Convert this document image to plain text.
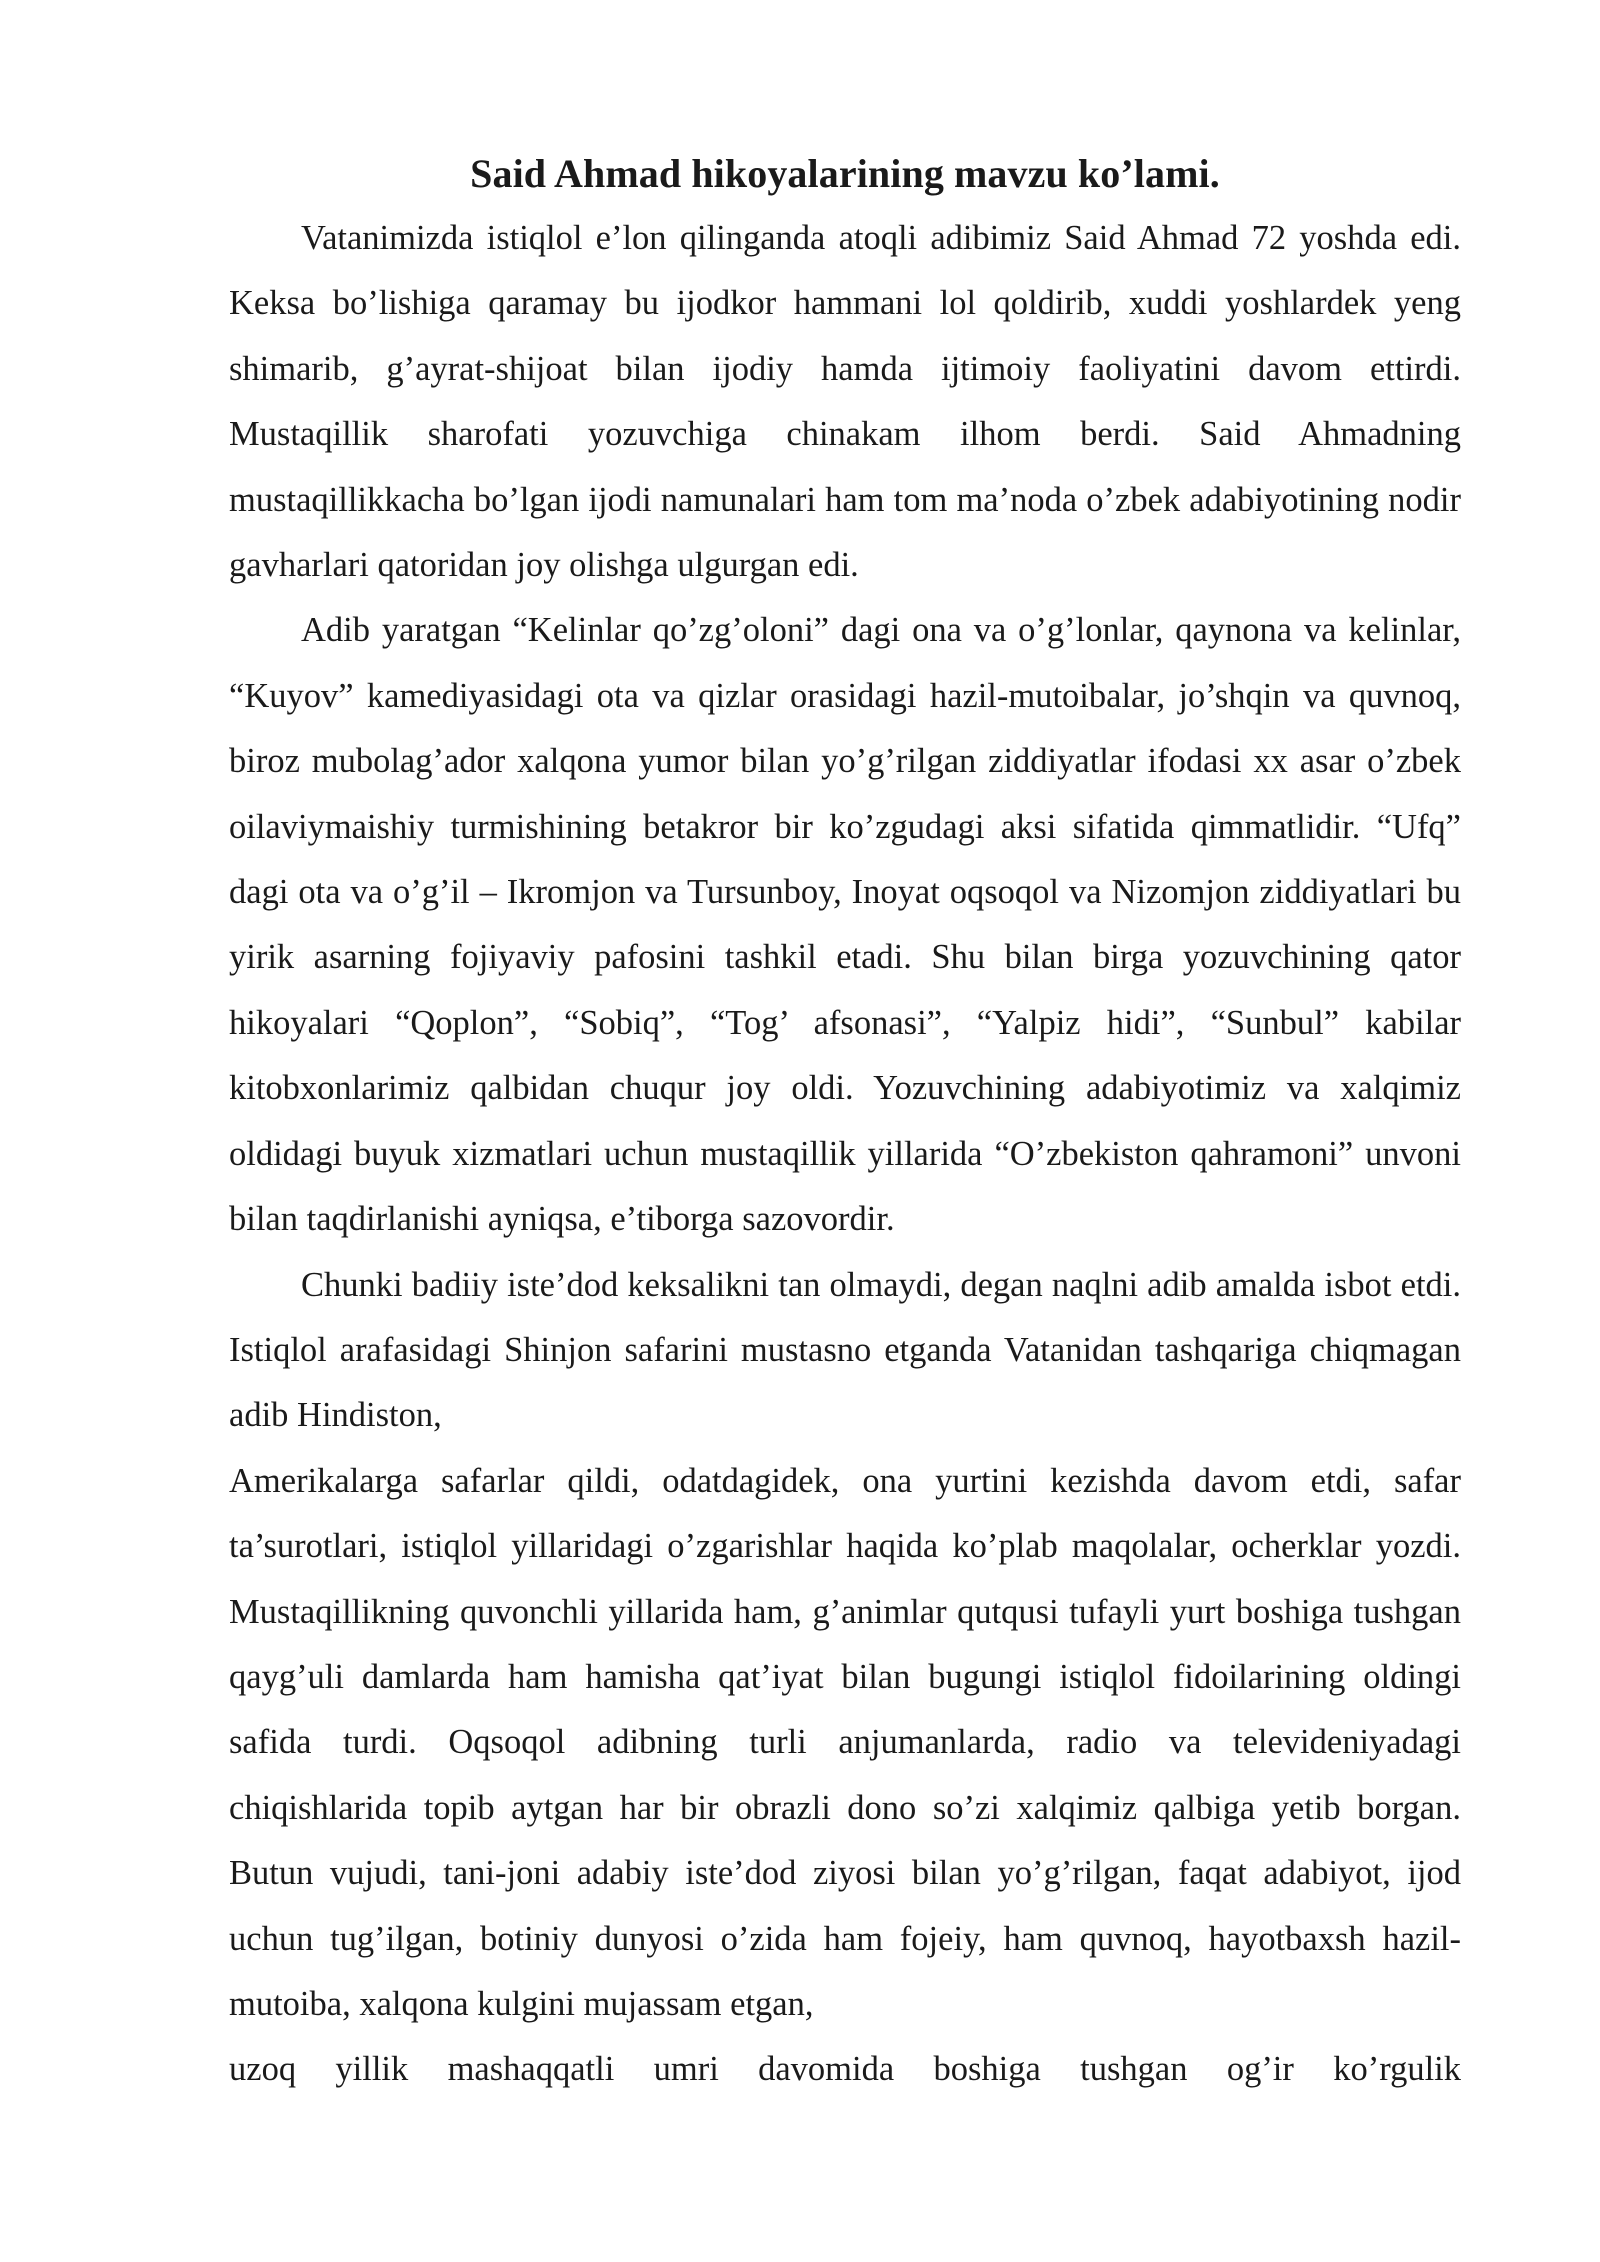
Said Ahmad hikoyalarining mavzu ko’lami.

Vatanimizda istiqlol e’lon qilinganda atoqli adibimiz Said Ahmad 72 yoshda edi. Keksa bo’lishiga qaramay bu ijodkor hammani lol qoldirib, xuddi yoshlardek yeng shimarib, g’ayrat-shijoat bilan ijodiy hamda ijtimoiy faoliyatini davom ettirdi. Mustaqillik sharofati yozuvchiga chinakam ilhom berdi. Said Ahmadning mustaqillikkacha bo’lgan ijodi namunalari ham tom ma’noda o’zbek adabiyotining nodir gavharlari qatoridan joy olishga ulgurgan edi.

Adib yaratgan “Kelinlar qo’zg’oloni” dagi ona va o’g’lonlar, qaynona va kelinlar, “Kuyov” kamediyasidagi ota va qizlar orasidagi hazil-mutoibalar, jo’shqin va quvnoq, biroz mubolag’ador xalqona yumor bilan yo’g’rilgan ziddiyatlar ifodasi xx asar o’zbek oilaviymaishiy turmishining betakror bir ko’zgudagi aksi sifatida qimmatlidir. “Ufq” dagi ota va o’g’il – Ikromjon va Tursunboy, Inoyat oqsoqol va Nizomjon ziddiyatlari bu yirik asarning fojiyaviy pafosini tashkil etadi. Shu bilan birga yozuvchining qator hikoyalari “Qoplon”, “Sobiq”, “Tog’ afsonasi”, “Yalpiz hidi”, “Sunbul” kabilar kitobxonlarimiz qalbidan chuqur joy oldi. Yozuvchining adabiyotimiz va xalqimiz oldidagi buyuk xizmatlari uchun mustaqillik yillarida “O’zbekiston qahramoni” unvoni bilan taqdirlanishi ayniqsa, e’tiborga sazovordir.

Chunki badiiy iste’dod keksalikni tan olmaydi, degan naqlni adib amalda isbot etdi. Istiqlol arafasidagi Shinjon safarini mustasno etganda Vatanidan tashqariga chiqmagan adib Hindiston,

Amerikalarga safarlar qildi, odatdagidek, ona yurtini kezishda davom etdi, safar ta’surotlari, istiqlol yillaridagi o’zgarishlar haqida ko’plab maqolalar, ocherklar yozdi. Mustaqillikning quvonchli yillarida ham, g’animlar qutqusi tufayli yurt boshiga tushgan qayg’uli damlarda ham hamisha qat’iyat bilan bugungi istiqlol fidoilarining oldingi safida turdi. Oqsoqol adibning turli anjumanlarda, radio va televideniyadagi chiqishlarida topib aytgan har bir obrazli dono so’zi xalqimiz qalbiga yetib borgan. Butun vujudi, tani-joni adabiy iste’dod ziyosi bilan yo’g’rilgan, faqat adabiyot, ijod uchun tug’ilgan, botiniy dunyosi o’zida ham fojeiy, ham quvnoq, hayotbaxsh hazil-mutoiba, xalqona kulgini mujassam etgan,

uzoq yillik mashaqqatli umri davomida boshiga tushgan og’ir ko’rgulik
